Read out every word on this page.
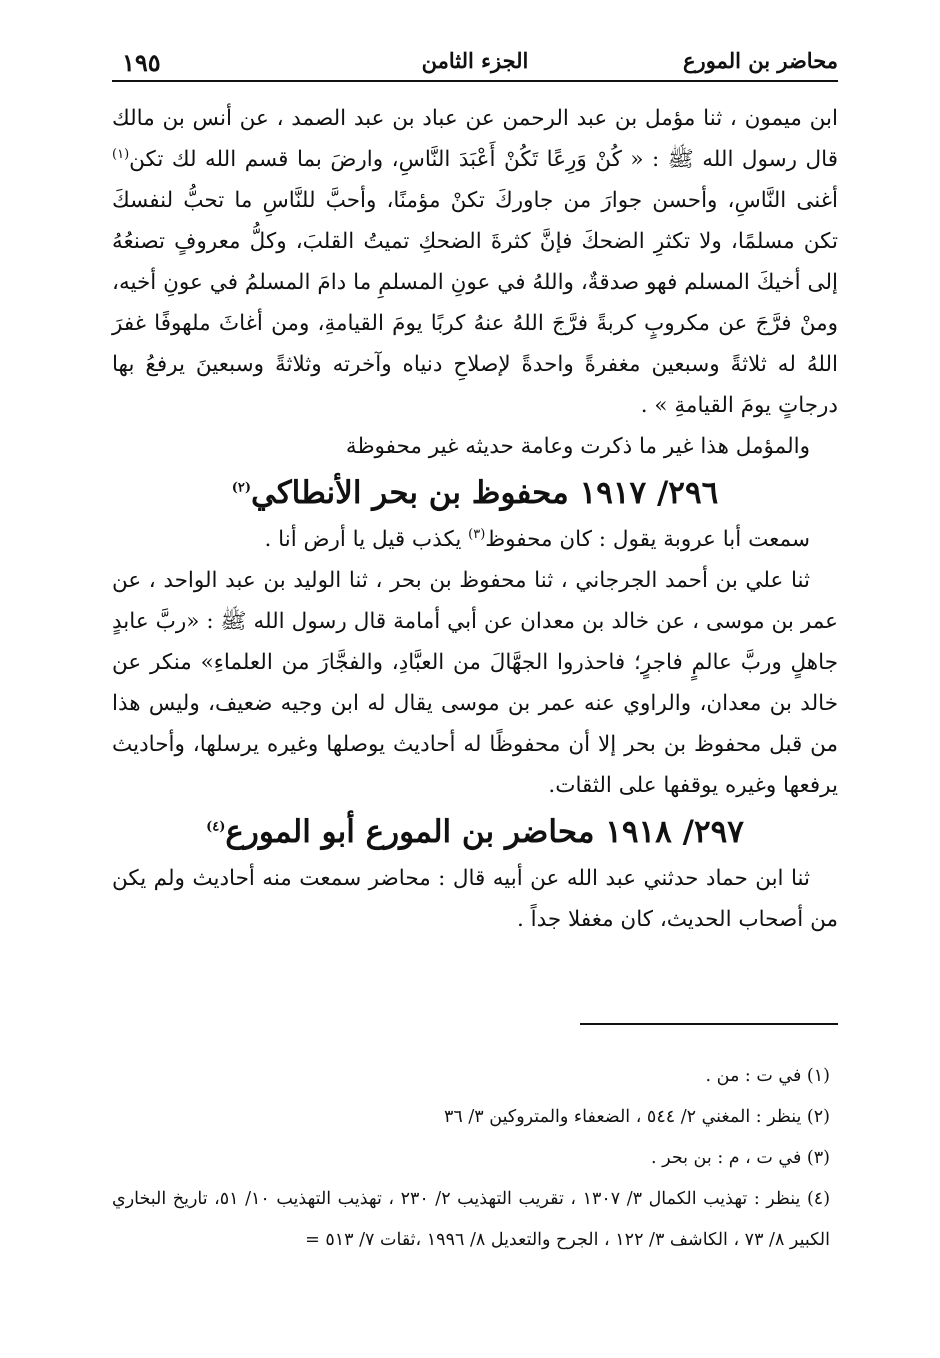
محاضر بن المورع
الجزء الثامن
١٩٥

ابن ميمون ، ثنا مؤمل بن عبد الرحمن عن عباد بن عبد الصمد ، عن أنس بن مالك قال رسول الله ﷺ : « كُنْ وَرِعًا تَكُنْ أَعْبَدَ النَّاسِ، وارضَ بما قسم الله لك تكن$^{(١)}$ أغنى النَّاسِ، وأحسن جوارَ من جاوركَ تكنْ مؤمنًا، وأحبَّ للنَّاسِ ما تحبُّ لنفسكَ تكن مسلمًا، ولا تكثرِ الضحكَ فإنَّ كثرةَ الضحكِ تميتُ القلبَ، وكلُّ معروفٍ تصنعُهُ إلى أخيكَ المسلم فهو صدقةٌ، واللهُ في عونِ المسلمِ ما دامَ المسلمُ في عونِ أخيه، ومنْ فرَّجَ عن مكروبٍ كربةً فرَّجَ اللهُ عنهُ كربًا يومَ القيامةِ، ومن أغاثَ ملهوفًا غفرَ اللهُ له ثلاثةً وسبعين مغفرةً واحدةً لإصلاحِ دنياه وآخرته وثلاثةً وسبعينَ يرفعُ بها درجاتٍ يومَ القيامةِ » .

والمؤمل هذا غير ما ذكرت وعامة حديثه غير محفوظة

٢٩٦/ ١٩١٧ محفوظ بن بحر الأنطاكي$^{(٢)}$

سمعت أبا عروبة يقول : كان محفوظ$^{(٣)}$ يكذب قيل يا أرض أنا .

ثنا علي بن أحمد الجرجاني ، ثنا محفوظ بن بحر ، ثنا الوليد بن عبد الواحد ، عن عمر بن موسى ، عن خالد بن معدان عن أبي أمامة قال رسول الله ﷺ : «ربَّ عابدٍ جاهلٍ وربَّ عالمٍ فاجرٍ؛ فاحذروا الجهَّالَ من العبَّادِ، والفجَّارَ من العلماءِ» منكر عن خالد بن معدان، والراوي عنه عمر بن موسى يقال له ابن وجيه ضعيف، وليس هذا من قبل محفوظ بن بحر إلا أن محفوظًا له أحاديث يوصلها وغيره يرسلها، وأحاديث يرفعها وغيره يوقفها على الثقات.

٢٩٧/ ١٩١٨ محاضر بن المورع أبو المورع$^{(٤)}$

ثنا ابن حماد حدثني عبد الله عن أبيه قال : محاضر سمعت منه أحاديث ولم يكن من أصحاب الحديث، كان مغفلا جداً .

(١) في ت : من .

(٢) ينظر : المغني ٢/ ٥٤٤ ، الضعفاء والمتروكين ٣/ ٣٦

(٣) في ت ، م : بن بحر .

(٤) ينظر : تهذيب الكمال ٣/ ١٣٠٧ ، تقريب التهذيب ٢/ ٢٣٠ ، تهذيب التهذيب ١٠/ ٥١، تاريخ البخاري الكبير ٨/ ٧٣ ، الكاشف ٣/ ١٢٢ ، الجرح والتعديل ٨/ ١٩٩٦ ،ثقات ٧/ ٥١٣ =
